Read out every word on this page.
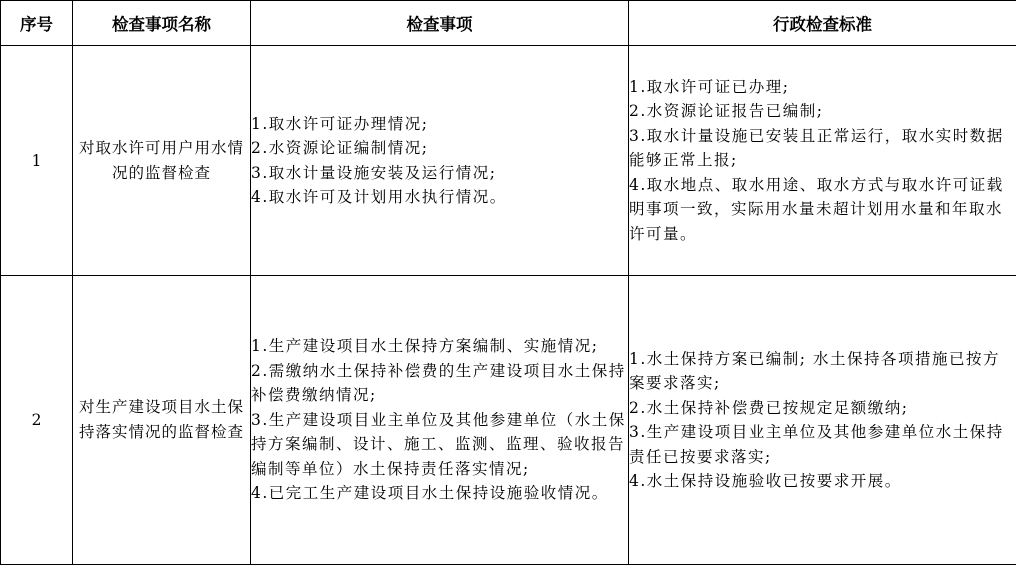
序号	检查事项名称	检查事项	行政检查标准
1	对取水许可用户用水情况的监督检查	1.取水许可证办理情况;
2.水资源论证编制情况;
3.取水计量设施安装及运行情况;
4.取水许可及计划用水执行情况。	1.取水许可证已办理;
2.水资源论证报告已编制;
3.取水计量设施已安装且正常运行，取水实时数据能够正常上报;
4.取水地点、取水用途、取水方式与取水许可证载明事项一致，实际用水量未超计划用水量和年取水许可量。

2	对生产建设项目水土保持落实情况的监督检查	1.生产建设项目水土保持方案编制、实施情况;
2.需缴纳水土保持补偿费的生产建设项目水土保持补偿费缴纳情况;
3.生产建设项目业主单位及其他参建单位（水土保持方案编制、设计、施工、监测、监理、验收报告编制等单位）水土保持责任落实情况;
4.已完工生产建设项目水土保持设施验收情况。	1.水土保持方案已编制; 水土保持各项措施已按方案要求落实;
2.水土保持补偿费已按规定足额缴纳;
3.生产建设项目业主单位及其他参建单位水土保持责任已按要求落实;
4.水土保持设施验收已按要求开展。
